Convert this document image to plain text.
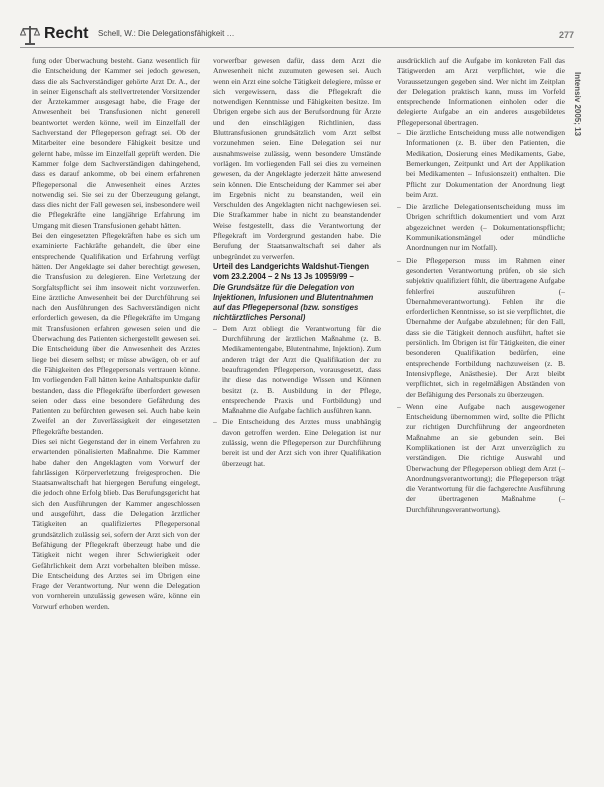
Recht Schell, W.: Die Delegationsfähigkeit …	277
Intensiv 2005; 13

fung oder Überwachung besteht. Ganz wesentlich für die Entscheidung der Kammer sei jedoch gewesen, dass die als Sachverständiger gehörte Arzt Dr. A., der in seiner Eigenschaft als stellvertretender Vorsitzender der Ärztekammer ausgesagt habe, die Frage der Anwesenheit bei Transfusionen nicht generell beantwortet werden könne, weil im Einzelfall der Sachverstand der Pflegeperson gefragt sei. Ob der Mitarbeiter eine besondere Fähigkeit besitze und gelernt habe, müsse im Einzelfall geprüft werden. Die Kammer folge dem Sachverständigen dahingehend, dass es darauf ankomme, ob bei einem erfahrenen Pflegepersonal die Anwesenheit eines Arztes notwendig sei. Sie sei zu der Überzeugung gelangt, dass dies nicht der Fall gewesen sei, insbesondere weil die Pflegekräfte eine langjährige Erfahrung im Umgang mit diesen Transfusionen gehabt hätten.

Bei den eingesetzten Pflegekräften habe es sich um examinierte Fachkräfte gehandelt, die über eine entsprechende Qualifikation und Erfahrung verfügt hätten. Der Angeklagte sei daher berechtigt gewesen, die Transfusion zu delegieren. Eine Verletzung der Sorgfaltspflicht sei ihm insoweit nicht vorzuwerfen. Eine ärztliche Anwesenheit bei der Durchführung sei nach den Ausführungen des Sachverständigen nicht erforderlich gewesen, da die Pflegekräfte im Umgang mit Transfusionen erfahren gewesen seien und die Überwachung des Patienten sichergestellt gewesen sei. Die Entscheidung über die Anwesenheit des Arztes liege bei diesem selbst; er müsse abwägen, ob er auf die Fähigkeiten des Pflegepersonals vertrauen könne. Im vorliegenden Fall hätten keine Anhaltspunkte dafür bestanden, dass die Pflegekräfte überfordert gewesen seien oder dass eine besondere Gefährdung des Patienten zu befürchten gewesen sei. Auch habe kein Zweifel an der Zuverlässigkeit der eingesetzten Pflegekräfte bestanden.

Dies sei nicht Gegenstand der in einem Verfahren zu erwartenden pönalisierten Maßnahme. Die Kammer habe daher den Angeklagten vom Vorwurf der fahrlässigen Körperverletzung freigesprochen. Die Staatsanwaltschaft hat hiergegen Berufung eingelegt, die jedoch ohne Erfolg blieb. Das Berufungsgericht hat sich den Ausführungen der Kammer angeschlossen und ausgeführt, dass die Delegation ärztlicher Tätigkeiten an qualifiziertes Pflegepersonal grundsätzlich zulässig sei, sofern der Arzt sich von der Befähigung der Pflegekraft überzeugt habe und die Tätigkeit nicht wegen ihrer Schwierigkeit oder Gefährlichkeit dem Arzt vorbehalten bleiben müsse. Die Entscheidung des Arztes sei im Übrigen eine Frage der Verantwortung. Nur wenn die Delegation von vornherein unzulässig gewesen wäre, könne ein Vorwurf erhoben werden.

vorwerfbar gewesen dafür, dass dem Arzt die Anwesenheit nicht zuzumuten gewesen sei. Auch wenn ein Arzt eine solche Tätigkeit delegiere, müsse er sich vergewissern, dass die Pflegekraft die notwendigen Kenntnisse und Fähigkeiten besitze. Im Übrigen ergebe sich aus der Berufsordnung für Ärzte und den einschlägigen Richtlinien, dass Bluttransfusionen grundsätzlich vom Arzt selbst vorzunehmen seien. Eine Delegation sei nur ausnahmsweise zulässig, wenn besondere Umstände vorlägen. Im vorliegenden Fall sei dies zu verneinen gewesen, da der Angeklagte jederzeit hätte anwesend sein können. Die Entscheidung der Kammer sei aber im Ergebnis nicht zu beanstanden, weil ein Verschulden des Angeklagten nicht nachgewiesen sei. Die Strafkammer habe in nicht zu beanstandender Weise festgestellt, dass die Verantwortung der Pflegekraft im Vordergrund gestanden habe. Die Berufung der Staatsanwaltschaft sei daher als unbegründet zu verwerfen.

Urteil des Landgerichts Waldshut-Tiengen vom 23.2.2004 – 2 Ns 13 Js 10959/99 –

Die Grundsätze für die Delegation von Injektionen, Infusionen und Blutentnahmen auf das Pflegepersonal (bzw. sonstiges nichtärztliches Personal)

– Dem Arzt obliegt die Verantwortung für die Durchführung der ärztlichen Maßnahme (z. B. Medikamentengabe, Blutentnahme, Injektion). Zum anderen trägt der Arzt die Qualifikation der zu beauftragenden Pflegeperson, vorausgesetzt, dass ihr diese das notwendige Wissen und Können besitzt (z. B. Ausbildung in der Pflege, entsprechende Praxis und Fortbildung) und Maßnahme die Aufgabe fachlich ausführen kann.
– Die Entscheidung des Arztes muss unabhängig davon getroffen werden. Eine Delegation ist nur zulässig, wenn die Pflegeperson zur Durchführung bereit ist und der Arzt sich von ihrer Qualifikation überzeugt hat.

ausdrücklich auf die Aufgabe im konkreten Fall das Tätigwerden am Arzt verpflichtet, wie die Voraussetzungen gegeben sind. Wer nicht im Zeitplan der Delegation praktisch kann, muss im Vorfeld entsprechende Informationen einholen oder die delegierte Aufgabe an ein anderes ausgebildetes Pflegepersonal übertragen.

– Die ärztliche Entscheidung muss alle notwendigen Informationen (z. B. über den Patienten, die Medikation, Dosierung eines Medikaments, Gabe, Bemerkungen, Zeitpunkt und Art der Applikation bei Medikamenten – Infusionszeit) enthalten. Die Pflicht zur Dokumentation der Anordnung liegt beim Arzt.
– Die ärztliche Delegationsentscheidung muss im Übrigen schriftlich dokumentiert und vom Arzt abgezeichnet werden (– Dokumentationspflicht; Kommunikationsmängel oder mündliche Anordnungen nur im Notfall).
– Die Pflegeperson muss im Rahmen einer gesonderten Verantwortung prüfen, ob sie sich subjektiv qualifiziert fühlt, die übertragene Aufgabe fehlerfrei auszuführen (– Übernahmeverantwortung). Fehlen ihr die erforderlichen Kenntnisse, so ist sie verpflichtet, die Übernahme der Aufgabe abzulehnen; für den Fall, dass sie die Tätigkeit dennoch ausführt, haftet sie persönlich. Im Übrigen ist für Tätigkeiten, die einer besonderen Qualifikation bedürfen, eine entsprechende Fortbildung nachzuweisen (z. B. Intensivpflege, Anästhesie). Der Arzt bleibt verpflichtet, sich in regelmäßigen Abständen von der Befähigung des Personals zu überzeugen.
– Wenn eine Aufgabe nach ausgewogener Entscheidung übernommen wird, sollte die Pflicht zur richtigen Durchführung der angeordneten Maßnahme an sie gebunden sein. Bei Komplikationen ist der Arzt unverzüglich zu verständigen. Die richtige Auswahl und Überwachung der Pflegeperson obliegt dem Arzt (– Anordnungsverantwortung); die Pflegeperson trägt die Verantwortung für die fachgerechte Ausführung der übertragenen Maßnahme (– Durchführungsverantwortung).
